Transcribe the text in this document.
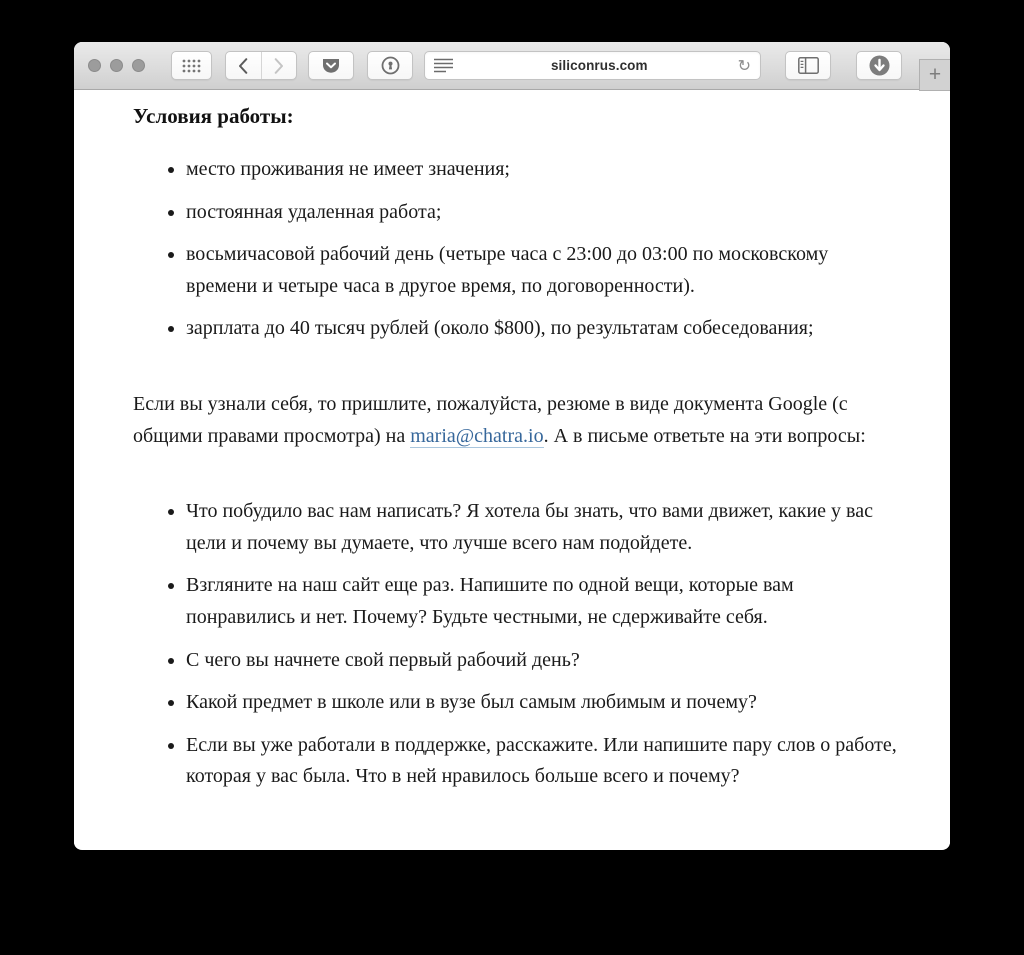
siliconrus.com	↻	+
Условия работы:
• место проживания не имеет значения;
• постоянная удаленная работа;
• восьмичасовой рабочий день (четыре часа с 23:00 до 03:00 по московскому времени и четыре часа в другое время, по договоренности).
• зарплата до 40 тысяч рублей (около $800), по результатам собеседования;

Если вы узнали себя, то пришлите, пожалуйста, резюме в виде документа Google (с общими правами просмотра) на maria@chatra.io. А в письме ответьте на эти вопросы:

• Что побудило вас нам написать? Я хотела бы знать, что вами движет, какие у вас цели и почему вы думаете, что лучше всего нам подойдете.
• Взгляните на наш сайт еще раз. Напишите по одной вещи, которые вам понравились и нет. Почему? Будьте честными, не сдерживайте себя.
• С чего вы начнете свой первый рабочий день?
• Какой предмет в школе или в вузе был самым любимым и почему?
• Если вы уже работали в поддержке, расскажите. Или напишите пару слов о работе, которая у вас была. Что в ней нравилось больше всего и почему?
